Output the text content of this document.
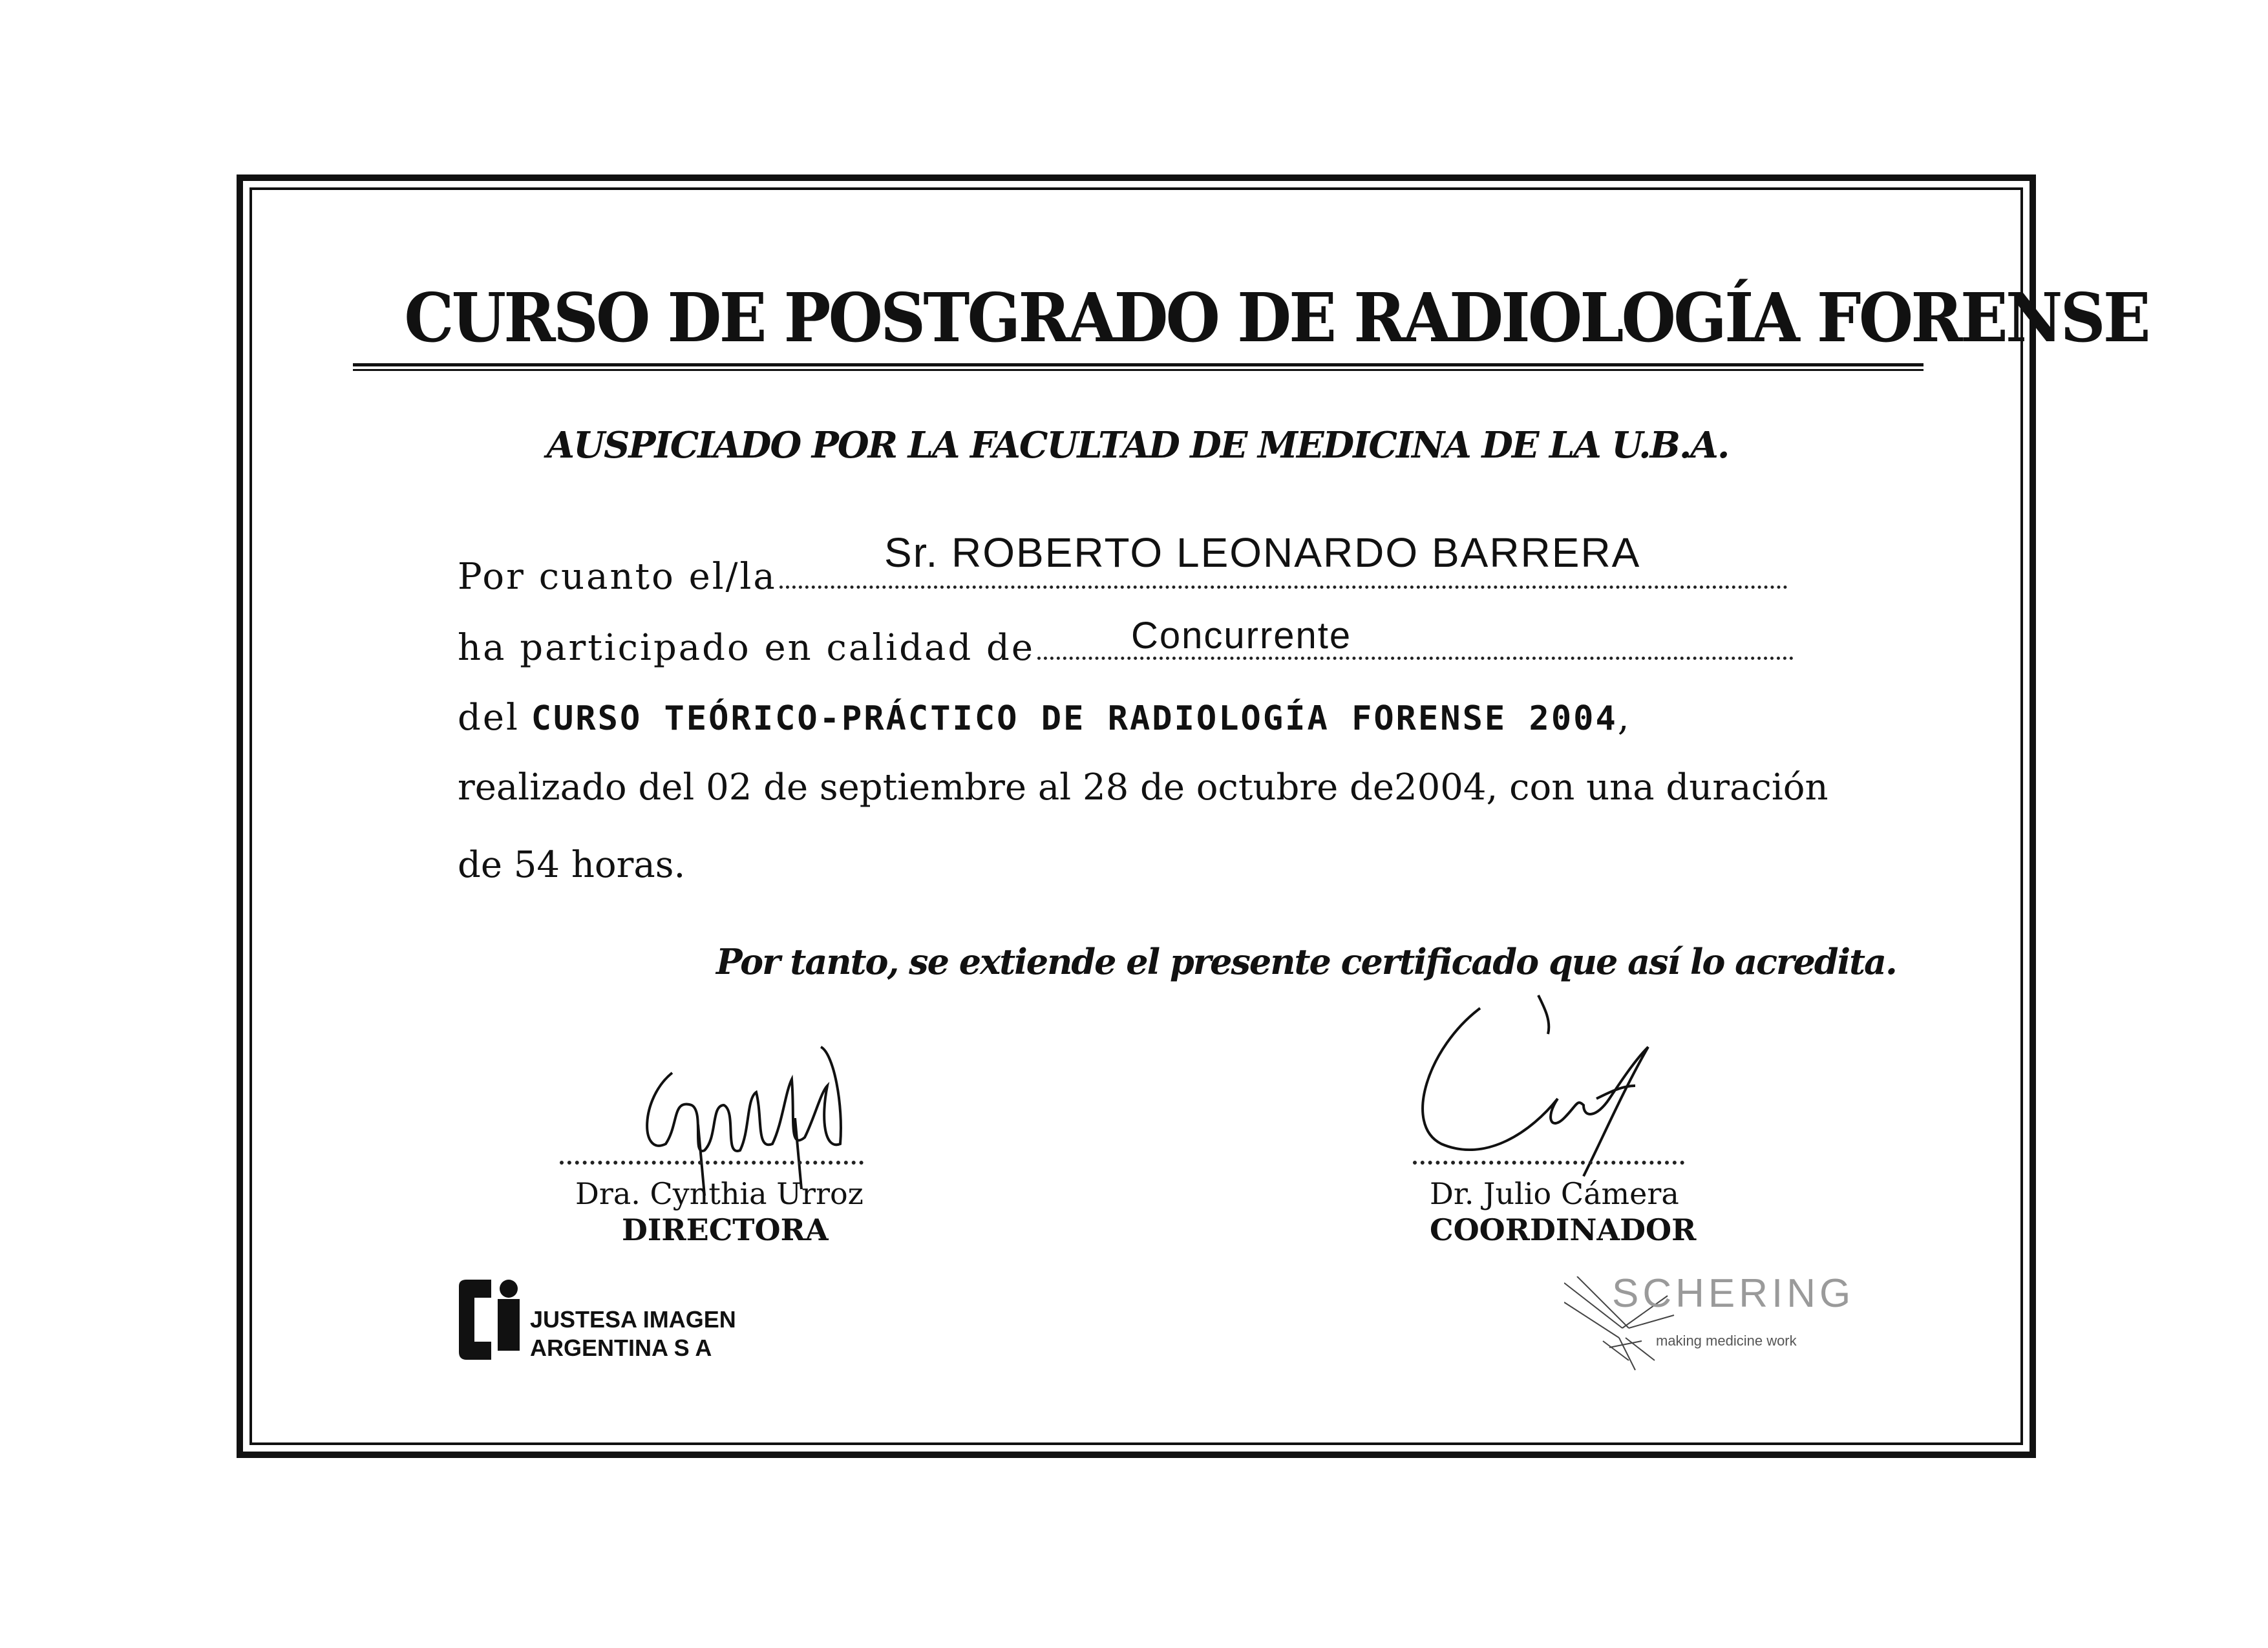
CURSO DE POSTGRADO DE RADIOLOGÍA FORENSE
AUSPICIADO POR LA FACULTAD DE MEDICINA DE LA U.B.A.
Por cuanto el/la
Sr. ROBERTO LEONARDO BARRERA
ha participado en calidad de	Concurrente
del CURSO TEÓRICO-PRÁCTICO DE RADIOLOGÍA FORENSE 2004,
realizado del 02 de septiembre al 28 de octubre de2004, con una duración
de 54 horas.
Por tanto, se extiende el presente certificado que así lo acredita.
Dra. Cynthia Urroz
DIRECTORA
Dr. Julio Cámera
COORDINADOR
JUSTESA IMAGEN
ARGENTINA S A
SCHERING
making medicine work
